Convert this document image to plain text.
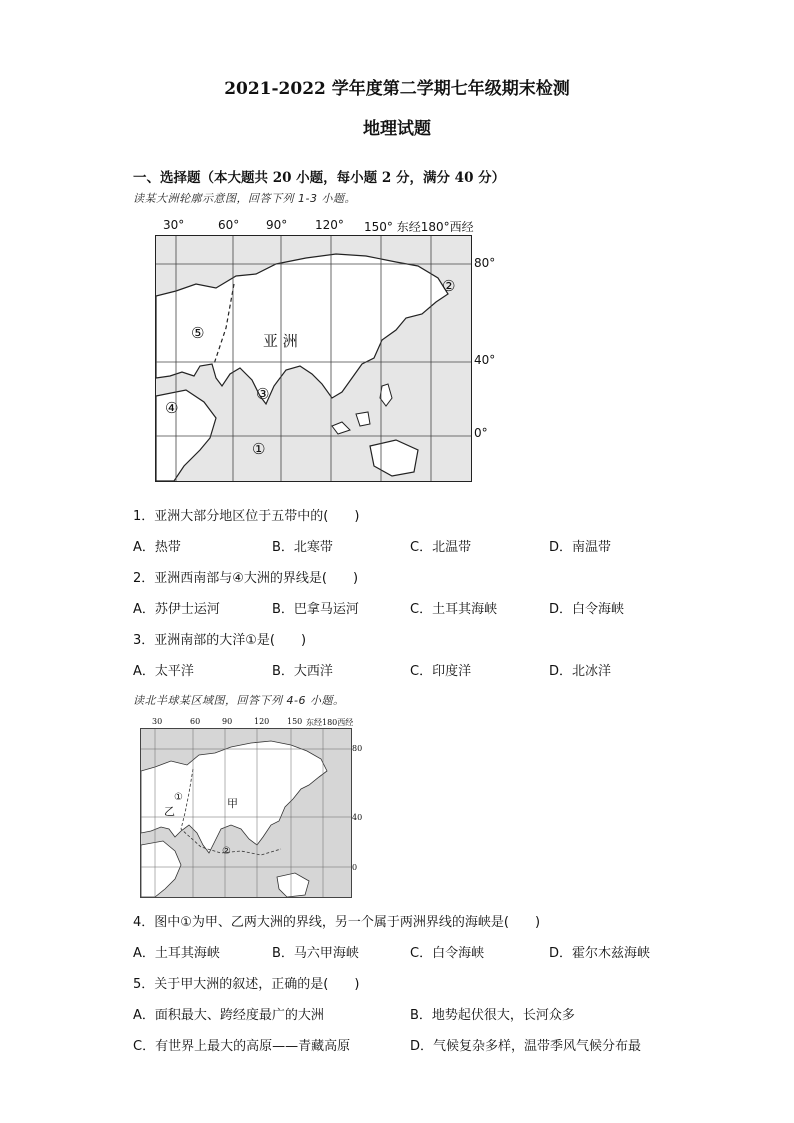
2021-2022 学年度第二学期七年级期末检测
地理试题
一、选择题（本大题共 20 小题，每小题 2 分，满分 40 分）
读某大洲轮廓示意图，回答下列 1-3 小题。
30°	60° 90° 120° 150° 东经180°西经
80°
40°
0°
亚 洲
①
②
③
④
⑤
1．亚洲大部分地区位于五带中的(　　)
A．热带	B．北寒带	C．北温带	D．南温带
2．亚洲西南部与④大洲的界线是(　　)
A．苏伊士运河	B．巴拿马运河	C．土耳其海峡	D．白令海峡
3．亚洲南部的大洋①是(　　)
A．太平洋	B．大西洋	C．印度洋	D．北冰洋
读北半球某区域图，回答下列 4-6 小题。
30	60	90	120 150 东经180西经
80
40
0
甲
乙
①
②
4．图中①为甲、乙两大洲的界线，另一个属于两洲界线的海峡是(　　)
A．土耳其海峡	B．马六甲海峡	C．白令海峡	D．霍尔木兹海峡
5．关于甲大洲的叙述，正确的是(　　)
A．面积最大、跨经度最广的大洲	B．地势起伏很大，长河众多
C．有世界上最大的高原——青藏高原	D．气候复杂多样，温带季风气候分布最
